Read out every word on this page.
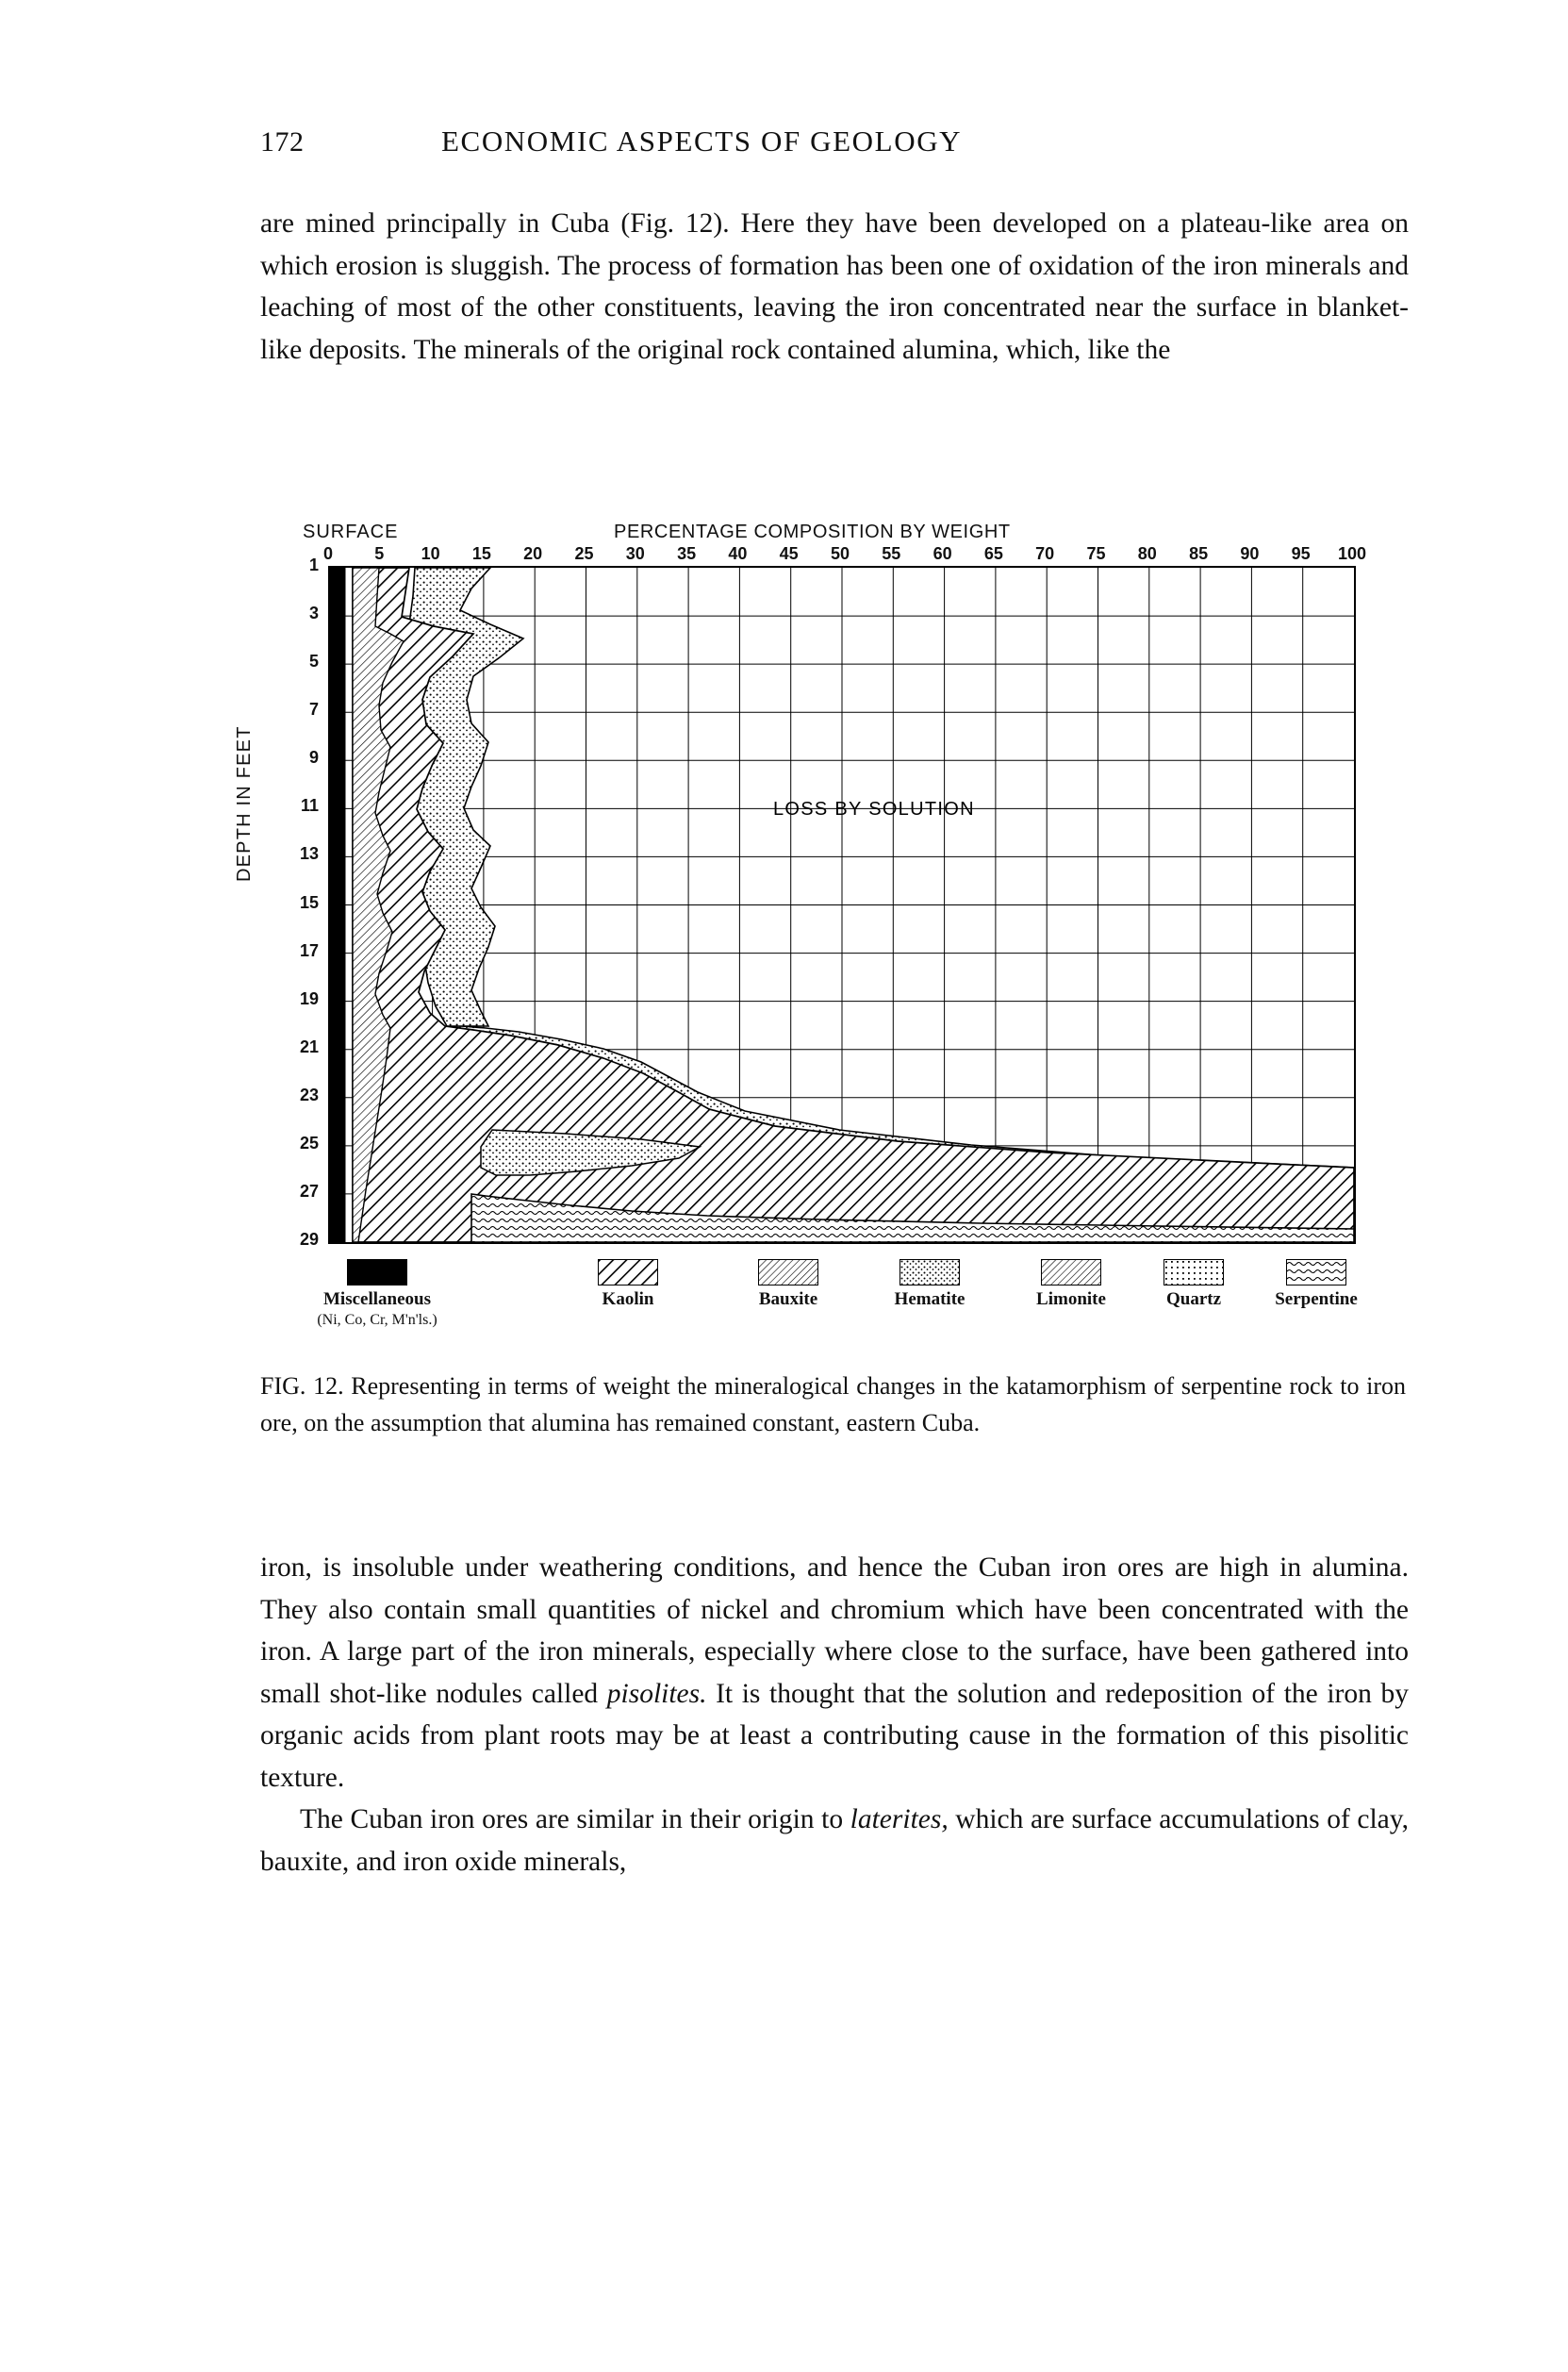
172	ECONOMIC ASPECTS OF GEOLOGY

are mined principally in Cuba (Fig. 12). Here they have been developed on a plateau-like area on which erosion is sluggish. The process of formation has been one of oxidation of the iron minerals and leaching of most of the other constituents, leaving the iron concentrated near the surface in blanket-like deposits. The minerals of the original rock contained alumina, which, like the

SURFACE	PERCENTAGE COMPOSITION BY WEIGHT
DEPTH IN FEET
0	5	10	15	20	25	30	35	40	45	50	55	60	65	70	75	80	85	90	95	100
1
3
5
7
9
11
13
15
17
19
21
23
25
27
29
LOSS BY SOLUTION
Miscellaneous
(Ni, Co, Cr, M'n'ls.)
Kaolin	Bauxite	Hematite	Limonite	Quartz	Serpentine
FIG. 12. Representing in terms of weight the mineralogical changes in the katamorphism of serpentine rock to iron ore, on the assumption that alumina has remained constant, eastern Cuba.

iron, is insoluble under weathering conditions, and hence the Cuban iron ores are high in alumina. They also contain small quantities of nickel and chromium which have been concentrated with the iron. A large part of the iron minerals, especially where close to the surface, have been gathered into small shot-like nodules called pisolites. It is thought that the solution and redeposition of the iron by organic acids from plant roots may be at least a contributing cause in the formation of this pisolitic texture.

The Cuban iron ores are similar in their origin to laterites, which are surface accumulations of clay, bauxite, and iron oxide minerals,
